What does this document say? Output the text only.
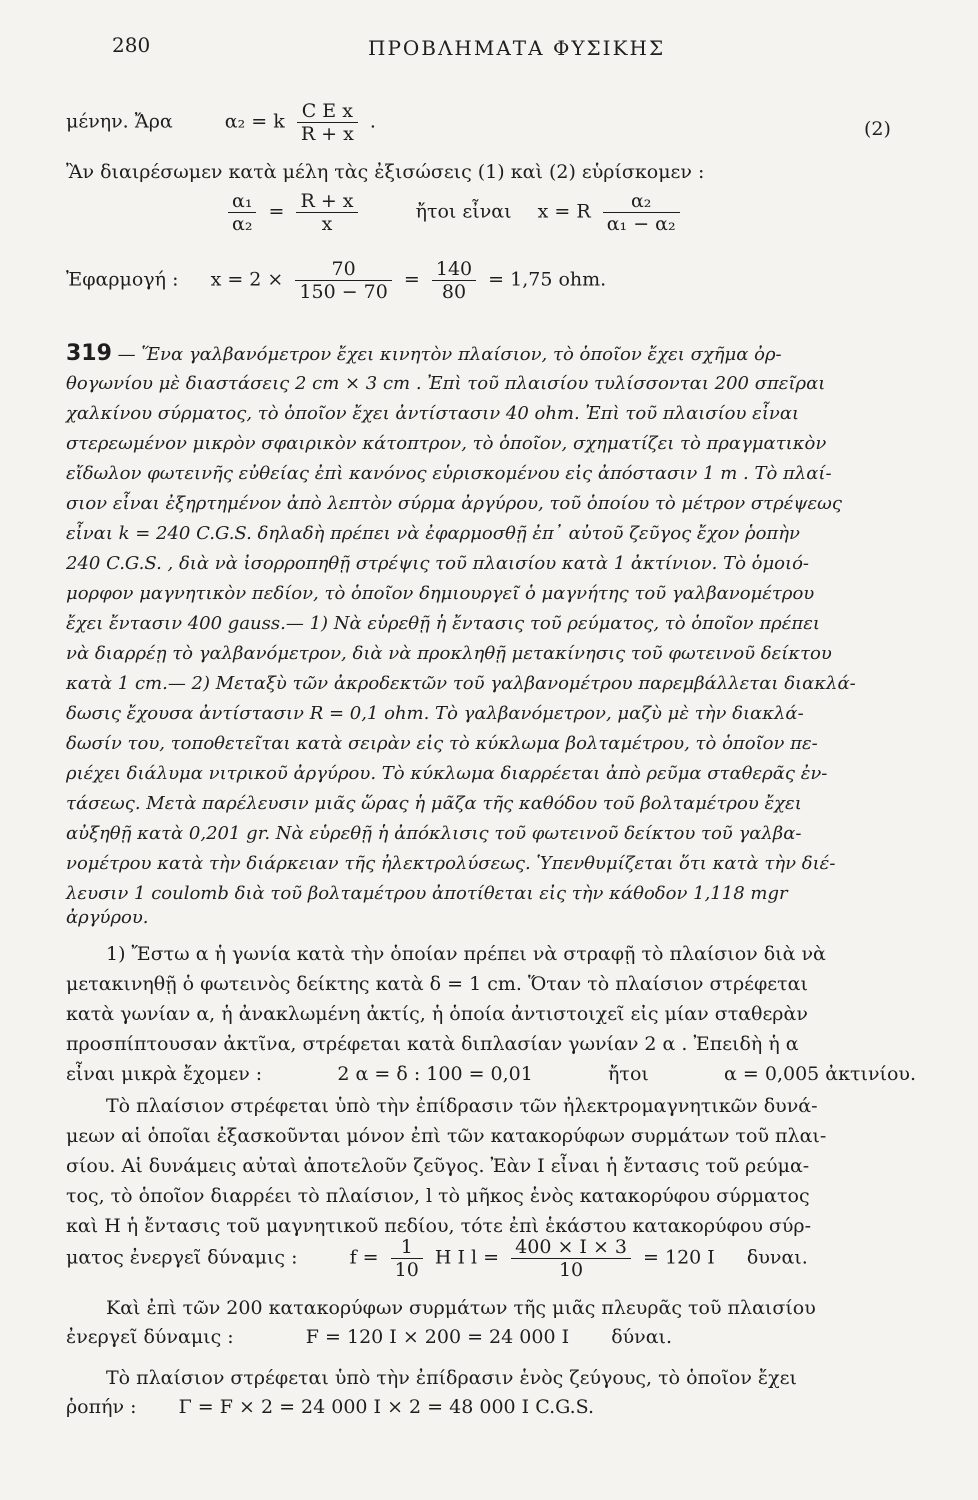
280	ΠΡΟΒΛΗΜΑΤΑ ΦΥΣΙΚΗΣ
μένην. Ἄρα	α₂ = k $\frac{\text{C E x}}{R + x}$ .	(2)
Ἂν διαιρέσωμεν κατὰ μέλη τὰς ἐξισώσεις (1) καὶ (2) εὑρίσκομεν :
$\frac{\text{α₁}}{\text{α₂}} = \frac{R + x}{x}$	ἤτοι εἶναι x = R $\frac{\text{α₂}}{\text{α₁ − α₂}}$
Ἐφαρμογή : $x = 2 \times \frac{70}{150 - 70} = \frac{140}{80} = 1,75$ ohm.
319 — Ἕνα γαλβανόμετρον ἔχει κινητὸν πλαίσιον, τὸ ὁποῖον ἔχει σχῆμα ὀρ-
θογωνίου μὲ διαστάσεις 2 cm × 3 cm . Ἐπὶ τοῦ πλαισίου τυλίσσονται 200 σπεῖραι
χαλκίνου σύρματος, τὸ ὁποῖον ἔχει ἀντίστασιν 40 ohm. Ἐπὶ τοῦ πλαισίου εἶναι
στερεωμένον μικρὸν σφαιρικὸν κάτοπτρον, τὸ ὁποῖον, σχηματίζει τὸ πραγματικὸν
εἴδωλον φωτεινῆς εὐθείας ἐπὶ κανόνος εὑρισκομένου εἰς ἀπόστασιν 1 m . Τὸ πλαί-
σιον εἶναι ἐξηρτημένον ἀπὸ λεπτὸν σύρμα ἀργύρου, τοῦ ὁποίου τὸ μέτρον στρέψεως
εἶναι k = 240 C.G.S. δηλαδὴ πρέπει νὰ ἐφαρμοσθῇ ἐπ᾿ αὐτοῦ ζεῦγος ἔχον ῥοπὴν
240 C.G.S. , διὰ νὰ ἰσορροπηθῇ στρέψις τοῦ πλαισίου κατὰ 1 ἀκτίνιον. Τὸ ὁμοιό-
μορφον μαγνητικὸν πεδίον, τὸ ὁποῖον δημιουργεῖ ὁ μαγνήτης τοῦ γαλβανομέτρου
ἔχει ἔντασιν 400 gauss.— 1) Νὰ εὑρεθῇ ἡ ἔντασις τοῦ ρεύματος, τὸ ὁποῖον πρέπει
νὰ διαρρέῃ τὸ γαλβανόμετρον, διὰ νὰ προκληθῇ μετακίνησις τοῦ φωτεινοῦ δείκτου
κατὰ 1 cm.— 2) Μεταξὺ τῶν ἀκροδεκτῶν τοῦ γαλβανομέτρου παρεμβάλλεται διακλά-
δωσις ἔχουσα ἀντίστασιν R = 0,1 ohm. Τὸ γαλβανόμετρον, μαζὺ μὲ τὴν διακλά-
δωσίν του, τοποθετεῖται κατὰ σειρὰν εἰς τὸ κύκλωμα βολταμέτρου, τὸ ὁποῖον πε-
ριέχει διάλυμα νιτρικοῦ ἀργύρου. Τὸ κύκλωμα διαρρέεται ἀπὸ ρεῦμα σταθερᾶς ἐν-
τάσεως. Μετὰ παρέλευσιν μιᾶς ὥρας ἡ μᾶζα τῆς καθόδου τοῦ βολταμέτρου ἔχει
αὐξηθῇ κατὰ 0,201 gr. Νὰ εὑρεθῇ ἡ ἀπόκλισις τοῦ φωτεινοῦ δείκτου τοῦ γαλβα-
νομέτρου κατὰ τὴν διάρκειαν τῆς ἠλεκτρολύσεως. Ὑπενθυμίζεται ὅτι κατὰ τὴν διέ-
λευσιν 1 coulomb διὰ τοῦ βολταμέτρου ἀποτίθεται εἰς τὴν κάθοδον 1,118 mgr
ἀργύρου.
1) Ἔστω α ἡ γωνία κατὰ τὴν ὁποίαν πρέπει νὰ στραφῇ τὸ πλαίσιον διὰ νὰ
μετακινηθῇ ὁ φωτεινὸς δείκτης κατὰ δ = 1 cm. Ὅταν τὸ πλαίσιον στρέφεται
κατὰ γωνίαν α, ἡ ἀνακλωμένη ἀκτίς, ἡ ὁποία ἀντιστοιχεῖ εἰς μίαν σταθερὰν
προσπίπτουσαν ἀκτῖνα, στρέφεται κατὰ διπλασίαν γωνίαν 2 α . Ἐπειδὴ ἡ α
εἶναι μικρὰ ἔχομεν :	2 α = δ : 100 = 0,01	ἤτοι	α = 0,005 ἀκτινίου.
Τὸ πλαίσιον στρέφεται ὑπὸ τὴν ἐπίδρασιν τῶν ἠλεκτρομαγνητικῶν δυνά-
μεων αἱ ὁποῖαι ἐξασκοῦνται μόνον ἐπὶ τῶν κατακορύφων συρμάτων τοῦ πλαι-
σίου. Αἱ δυνάμεις αὐταὶ ἀποτελοῦν ζεῦγος. Ἐὰν I εἶναι ἡ ἔντασις τοῦ ρεύμα-
τος, τὸ ὁποῖον διαρρέει τὸ πλαίσιον, l τὸ μῆκος ἑνὸς κατακορύφου σύρματος
καὶ H ἡ ἔντασις τοῦ μαγνητικοῦ πεδίου, τότε ἐπὶ ἑκάστου κατακορύφου σύρ-
ματος ἐνεργεῖ δύναμις :	$f = \frac{1}{10}$ H I $l = \frac{400 \times I \times 3}{10} = 120$ I δυναι.
Καὶ ἐπὶ τῶν 200 κατακορύφων συρμάτων τῆς μιᾶς πλευρᾶς τοῦ πλαισίου
ἐνεργεῖ δύναμις :	F = 120 I × 200 = 24 000 I δύναι.
Τὸ πλαίσιον στρέφεται ὑπὸ τὴν ἐπίδρασιν ἑνὸς ζεύγους, τὸ ὁποῖον ἔχει
ῥοπήν : Γ = F × 2 = 24 000 I × 2 = 48 000 I C.G.S.
